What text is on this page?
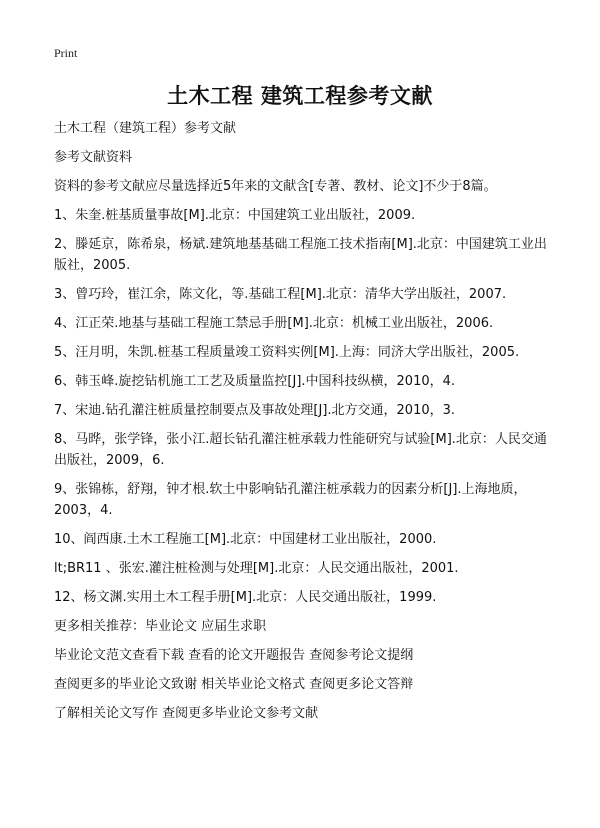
Print
土木工程 建筑工程参考文献

土木工程（建筑工程）参考文献

参考文献资料

资料的参考文献应尽量选择近5年来的文献含[专著、教材、论文]不少于8篇。

1、朱奎.桩基质量事故[M].北京：中国建筑工业出版社，2009.

2、滕延京，陈希泉，杨斌.建筑地基基础工程施工技术指南[M].北京：中国建筑工业出版社，2005.

3、曾巧玲，崔江余，陈文化，等.基础工程[M].北京：清华大学出版社，2007.

4、江正荣.地基与基础工程施工禁忌手册[M].北京：机械工业出版社，2006.

5、汪月明，朱凯.桩基工程质量竣工资料实例[M].上海：同济大学出版社，2005.

6、韩玉峰.旋挖钻机施工工艺及质量监控[J].中国科技纵横，2010，4.

7、宋迪.钻孔灌注桩质量控制要点及事故处理[J].北方交通，2010，3.

8、马晔，张学锋，张小江.超长钻孔灌注桩承载力性能研究与试验[M].北京：人民交通出版社，2009，6.

9、张锦栋，舒翔，钟才根.软土中影响钻孔灌注桩承载力的因素分析[J].上海地质，2003，4.

10、阎西康.土木工程施工[M].北京：中国建材工业出版社，2000.

lt;BR11 、张宏.灌注桩检测与处理[M].北京：人民交通出版社，2001.

12、杨文渊.实用土木工程手册[M].北京：人民交通出版社，1999.

更多相关推荐：毕业论文 应届生求职

毕业论文范文查看下载 查看的论文开题报告 查阅参考论文提纲

查阅更多的毕业论文致谢 相关毕业论文格式 查阅更多论文答辩

了解相关论文写作 查阅更多毕业论文参考文献
